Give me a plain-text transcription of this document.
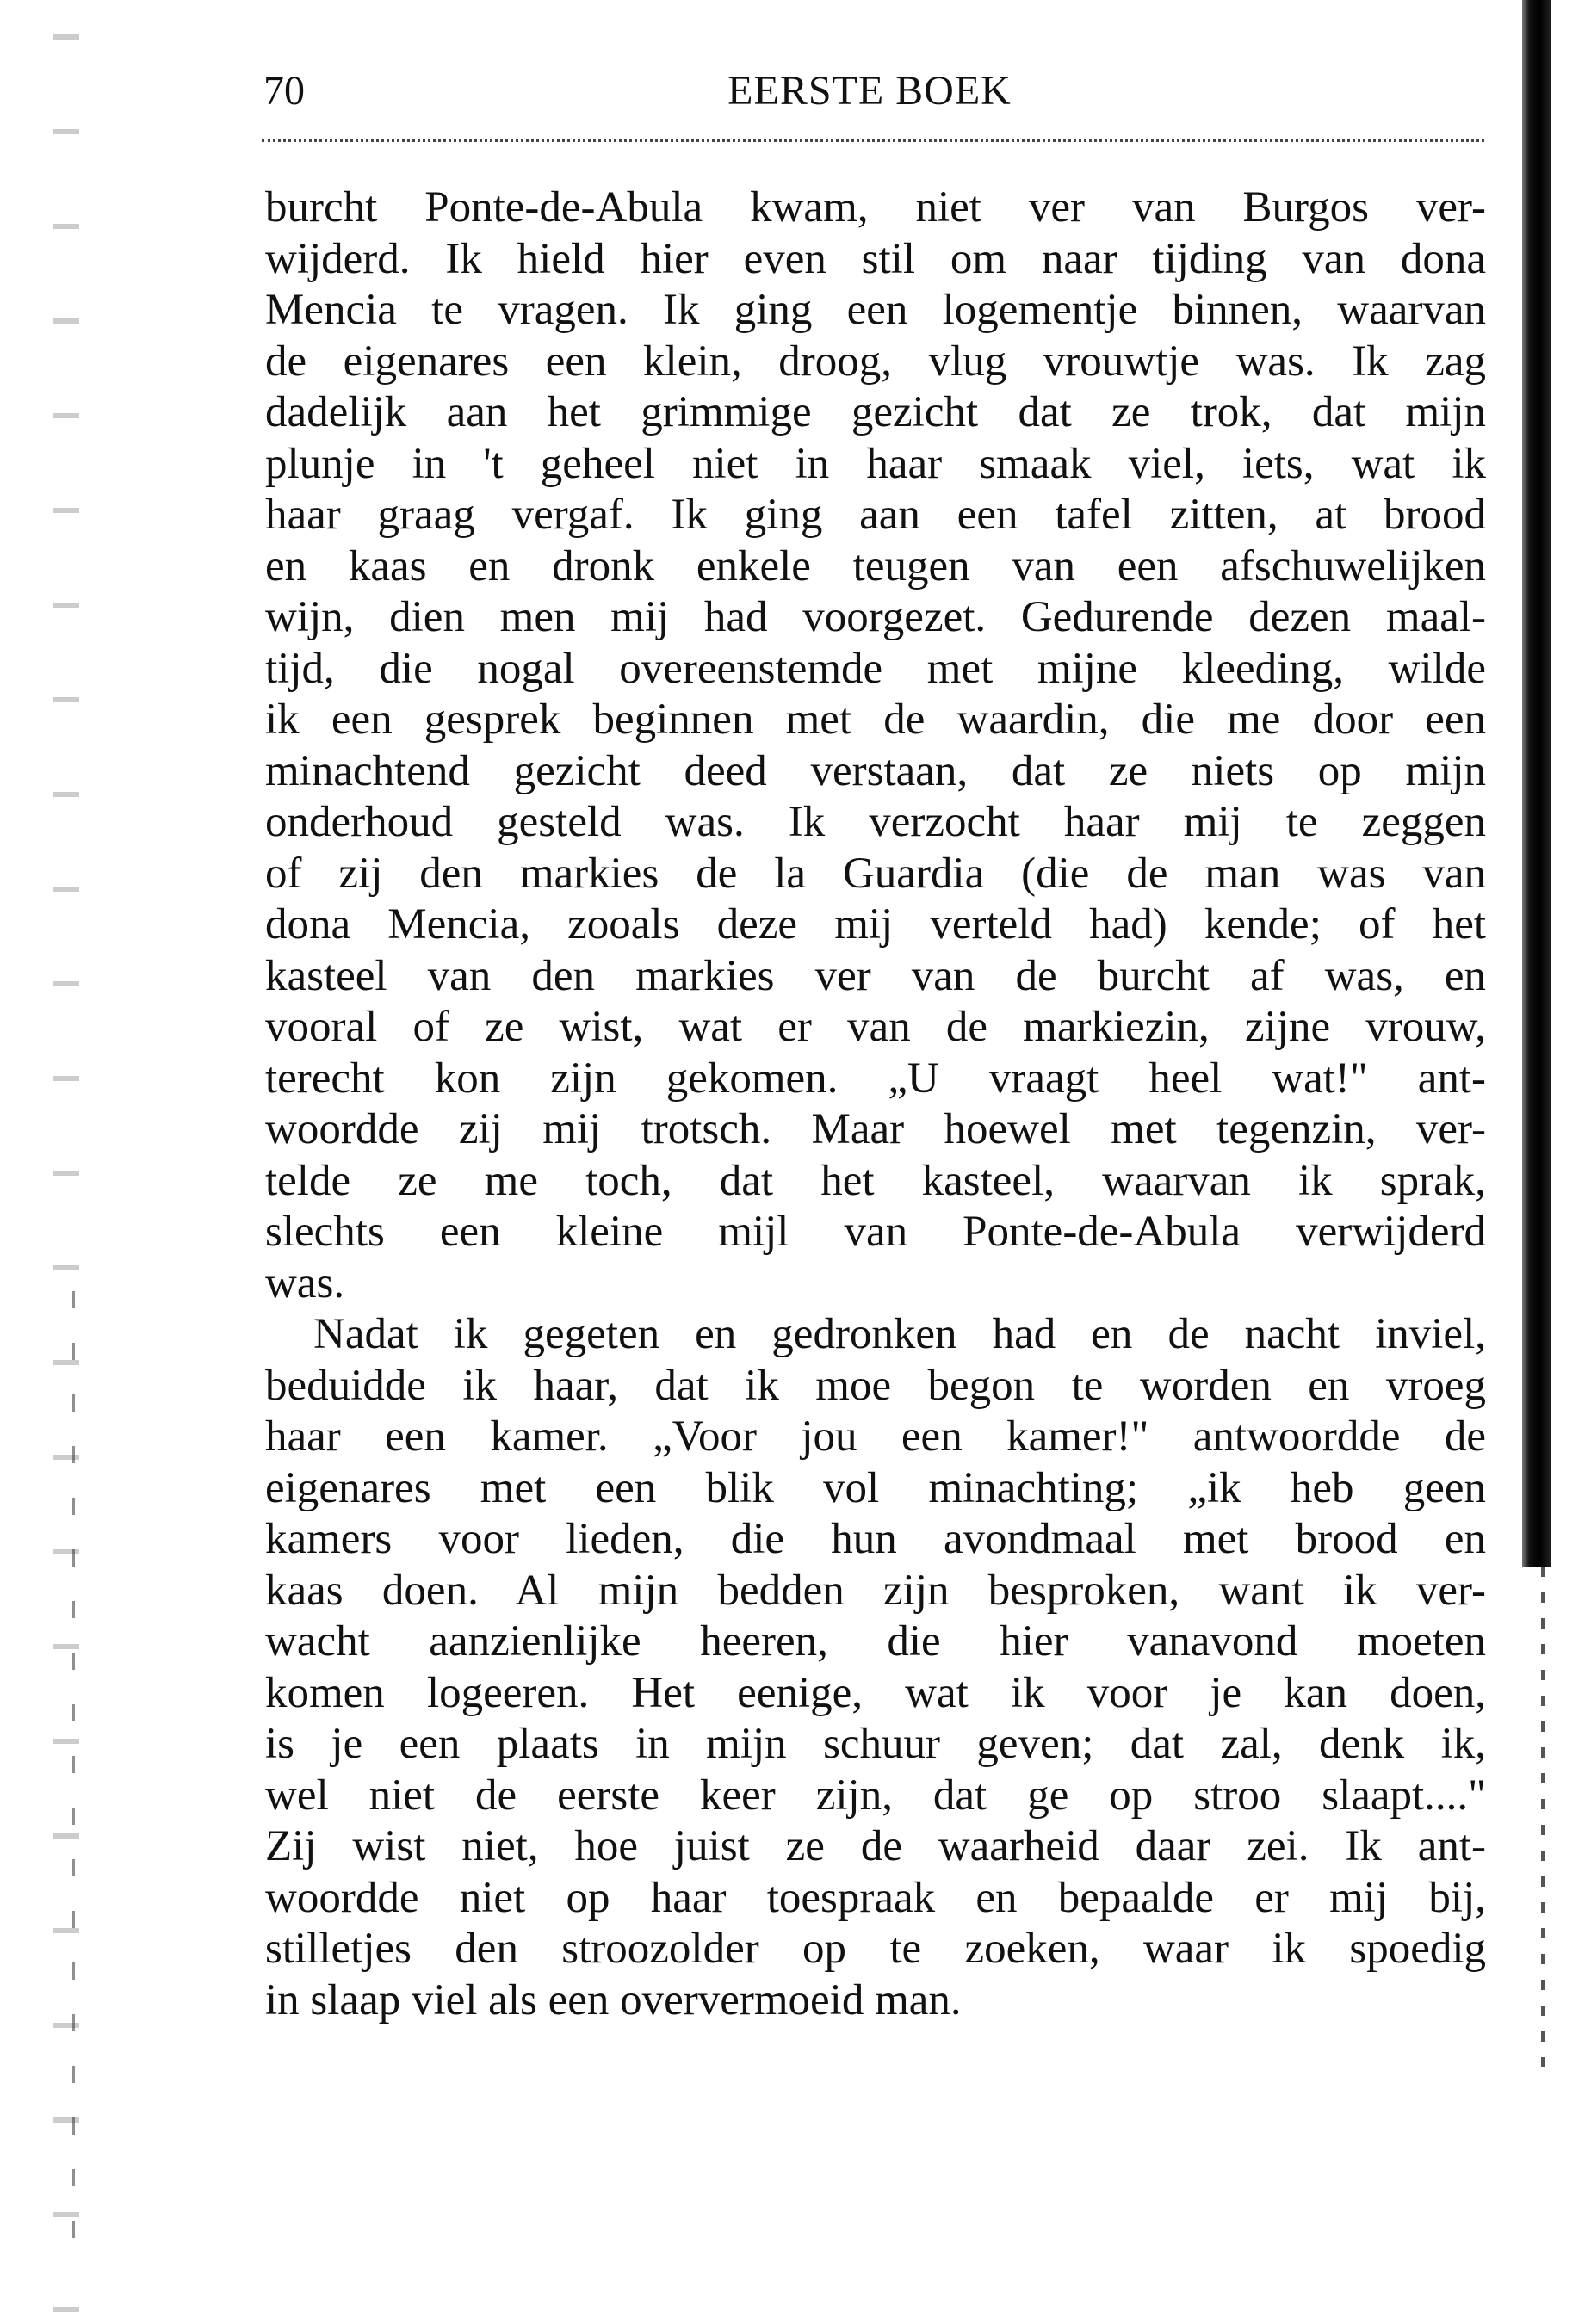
70	EERSTE BOEK
burcht Ponte-de-Abula kwam, niet ver van Burgos ver-
wijderd. Ik hield hier even stil om naar tijding van dona
Mencia te vragen. Ik ging een logementje binnen, waarvan
de eigenares een klein, droog, vlug vrouwtje was. Ik zag
dadelijk aan het grimmige gezicht dat ze trok, dat mijn
plunje in 't geheel niet in haar smaak viel, iets, wat ik
haar graag vergaf. Ik ging aan een tafel zitten, at brood
en kaas en dronk enkele teugen van een afschuwelijken
wijn, dien men mij had voorgezet. Gedurende dezen maal-
tijd, die nogal overeenstemde met mijne kleeding, wilde
ik een gesprek beginnen met de waardin, die me door een
minachtend gezicht deed verstaan, dat ze niets op mijn
onderhoud gesteld was. Ik verzocht haar mij te zeggen
of zij den markies de la Guardia (die de man was van
dona Mencia, zooals deze mij verteld had) kende; of het
kasteel van den markies ver van de burcht af was, en
vooral of ze wist, wat er van de markiezin, zijne vrouw,
terecht kon zijn gekomen. „U vraagt heel wat!" ant-
woordde zij mij trotsch. Maar hoewel met tegenzin, ver-
telde ze me toch, dat het kasteel, waarvan ik sprak,
slechts een kleine mijl van Ponte-de-Abula verwijderd
was.
Nadat ik gegeten en gedronken had en de nacht inviel,
beduidde ik haar, dat ik moe begon te worden en vroeg
haar een kamer. „Voor jou een kamer!" antwoordde de
eigenares met een blik vol minachting; „ik heb geen
kamers voor lieden, die hun avondmaal met brood en
kaas doen. Al mijn bedden zijn besproken, want ik ver-
wacht aanzienlijke heeren, die hier vanavond moeten
komen logeeren. Het eenige, wat ik voor je kan doen,
is je een plaats in mijn schuur geven; dat zal, denk ik,
wel niet de eerste keer zijn, dat ge op stroo slaapt...."
Zij wist niet, hoe juist ze de waarheid daar zei. Ik ant-
woordde niet op haar toespraak en bepaalde er mij bij,
stilletjes den stroozolder op te zoeken, waar ik spoedig
in slaap viel als een oververmoeid man.
